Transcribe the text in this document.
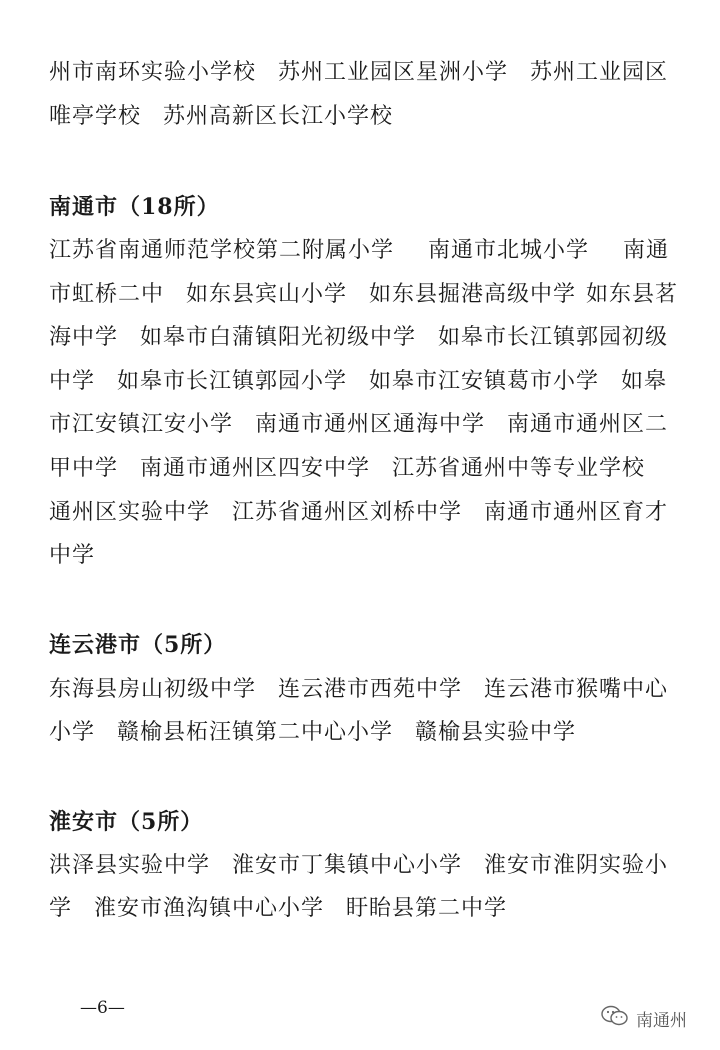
州市南环实验小学校 苏州工业园区星洲小学 苏州工业园区
唯亭学校 苏州高新区长江小学校
南通市（18所）
江苏省南通师范学校第二附属小学 南通市北城小学 南通
市虹桥二中 如东县宾山小学 如东县掘港高级中学 如东县茗
海中学 如皋市白蒲镇阳光初级中学 如皋市长江镇郭园初级
中学 如皋市长江镇郭园小学 如皋市江安镇葛市小学 如皋
市江安镇江安小学 南通市通州区通海中学 南通市通州区二
甲中学 南通市通州区四安中学 江苏省通州中等专业学校
通州区实验中学 江苏省通州区刘桥中学 南通市通州区育才
中学
连云港市（5所）
东海县房山初级中学 连云港市西苑中学 连云港市猴嘴中心
小学 赣榆县柘汪镇第二中心小学 赣榆县实验中学
淮安市（5所）
洪泽县实验中学 淮安市丁集镇中心小学 淮安市淮阴实验小
学 淮安市渔沟镇中心小学 盱眙县第二中学
—6—
南通州
